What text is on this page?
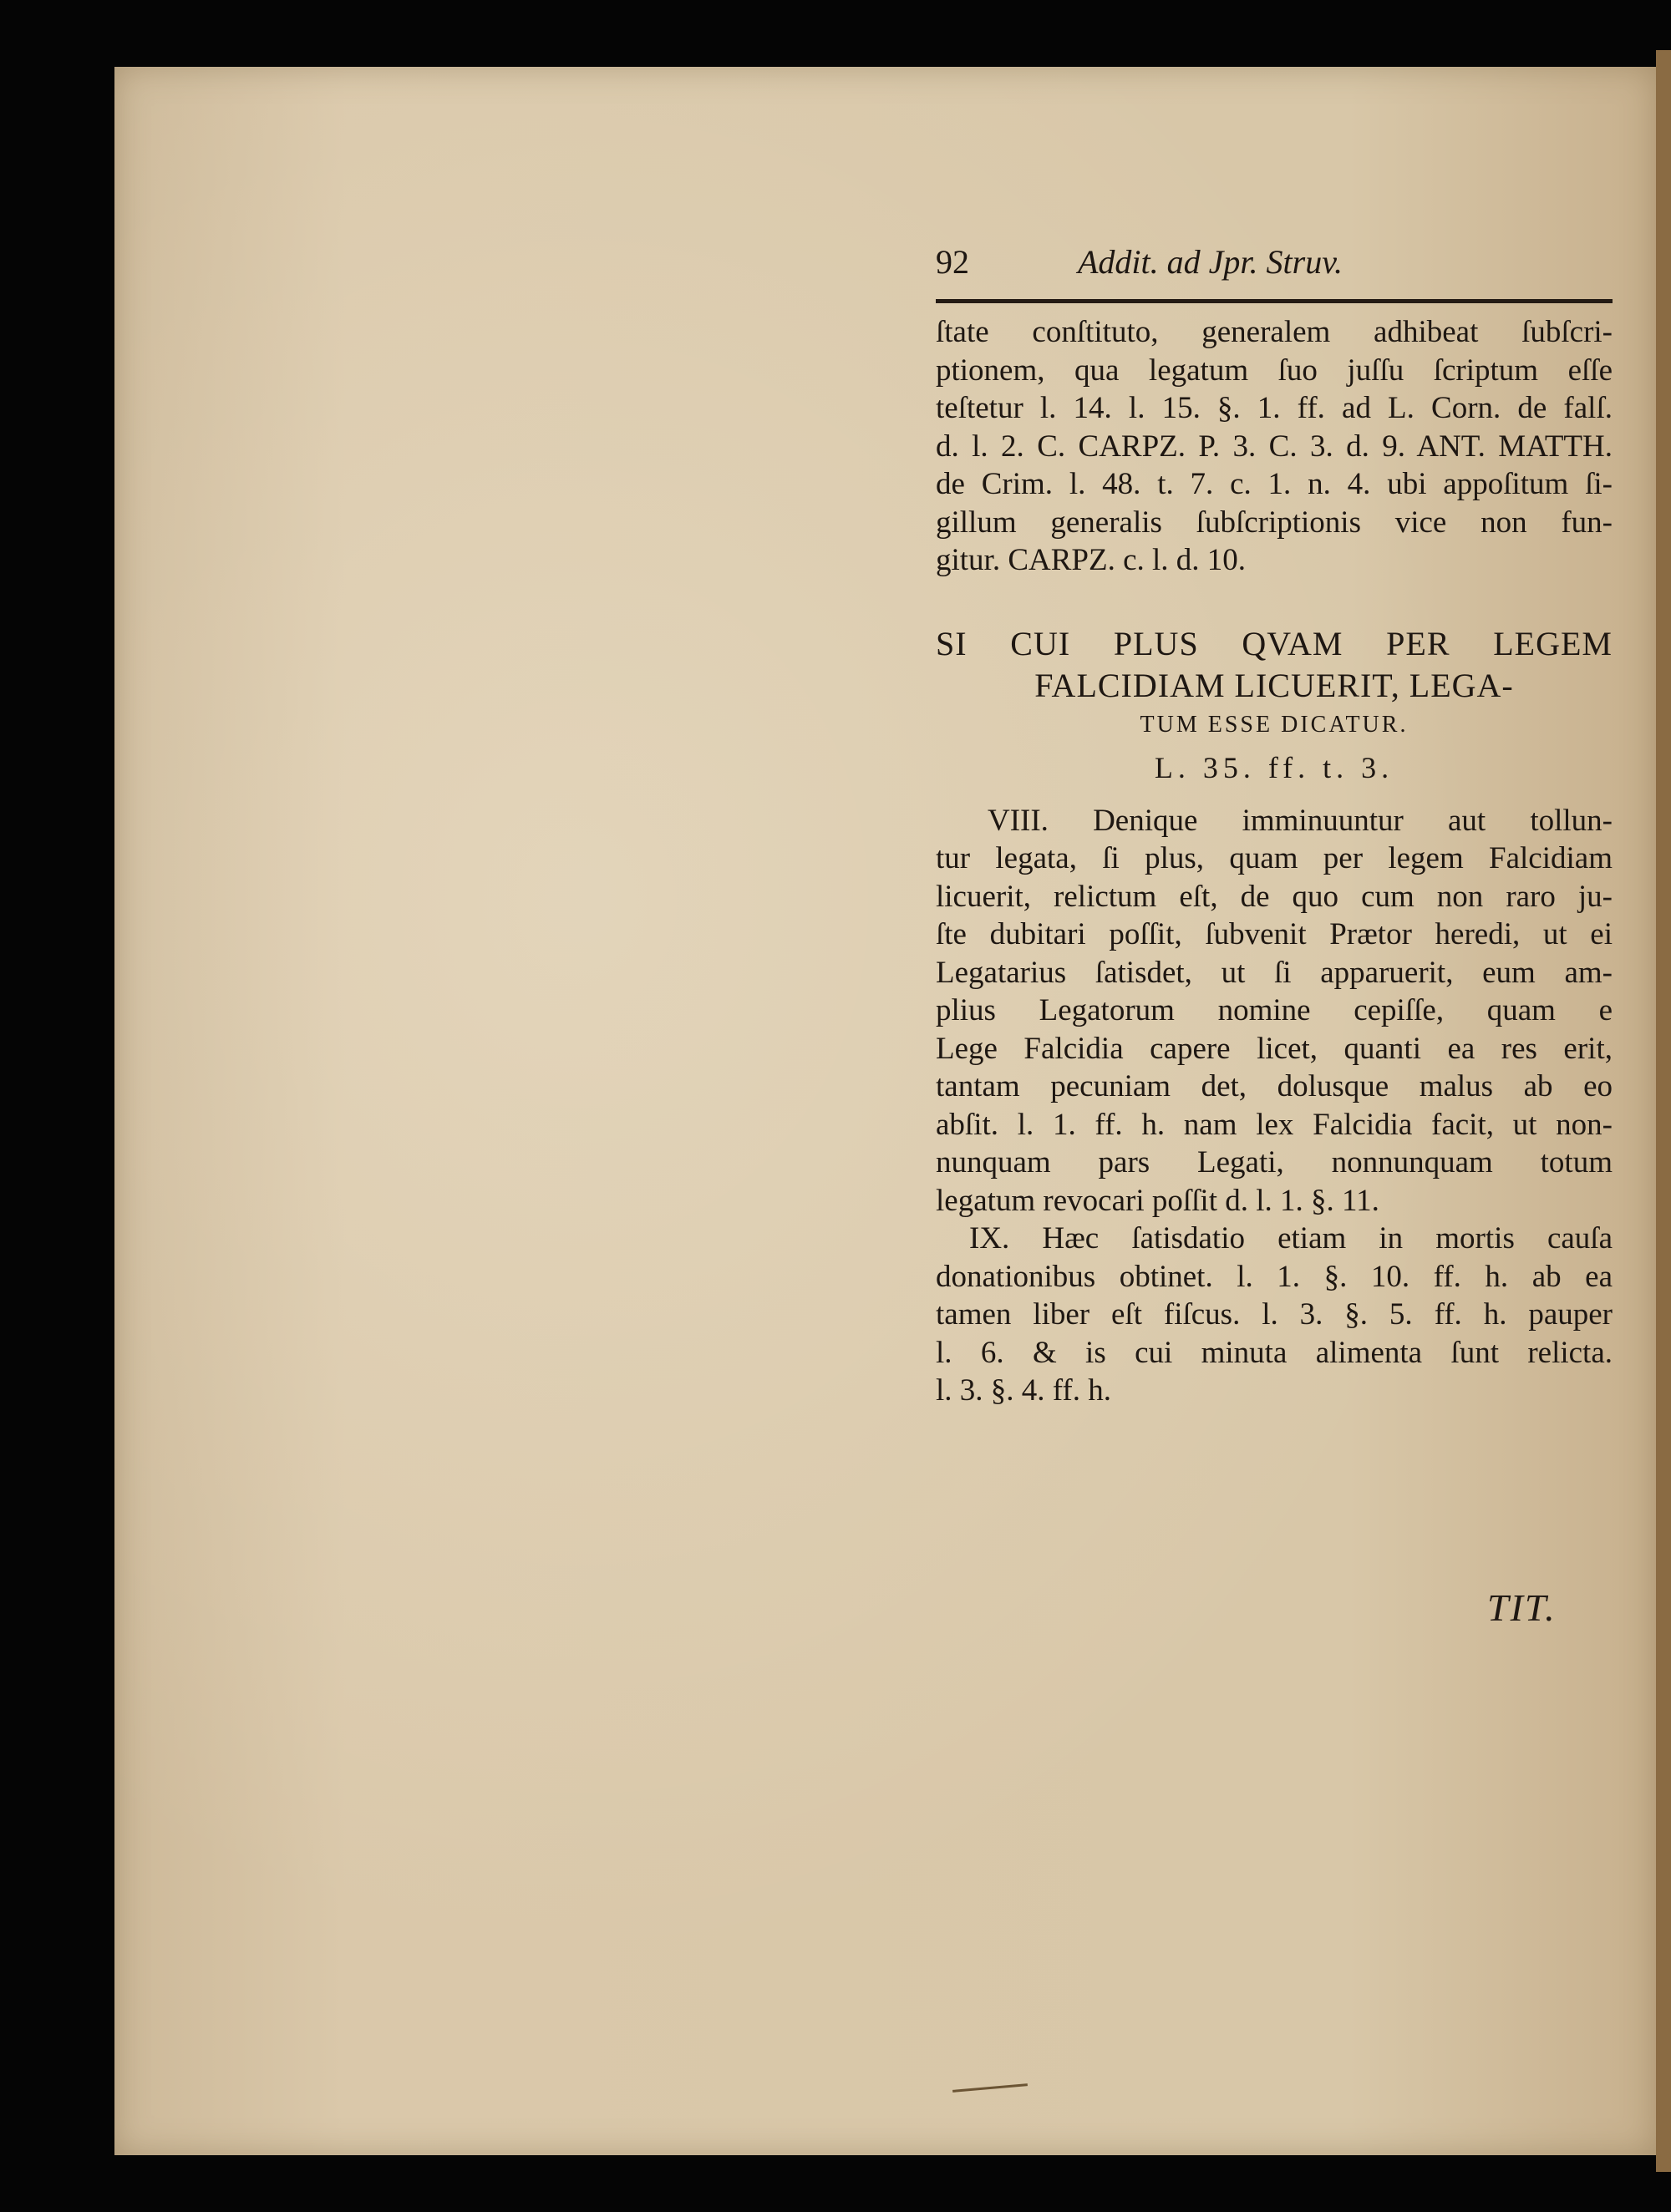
92	Addit. ad Jpr. Struv.
ſtate conſtituto, generalem adhibeat ſubſcri-
ptionem, qua legatum ſuo juſſu ſcriptum eſſe
teſtetur l. 14. l. 15. §. 1. ff. ad L. Corn. de falſ.
d. l. 2. C. CARPZ. P. 3. C. 3. d. 9. ANT. MATTH.
de Crim. l. 48. t. 7. c. 1. n. 4. ubi appoſitum ſi-
gillum generalis ſubſcriptionis vice non fun-
gitur. CARPZ. c. l. d. 10.
SI CUI PLUS QVAM PER LEGEM
FALCIDIAM LICUERIT, LEGA-
TUM ESSE DICATUR.
L. 35. ff. t. 3.
VIII. Denique imminuuntur aut tollun-
tur legata, ſi plus, quam per legem Falcidiam
licuerit, relictum eſt, de quo cum non raro ju-
ſte dubitari poſſit, ſubvenit Prætor heredi, ut ei
Legatarius ſatisdet, ut ſi apparuerit, eum am-
plius Legatorum nomine cepiſſe, quam e
Lege Falcidia capere licet, quanti ea res erit,
tantam pecuniam det, dolusque malus ab eo
abſit. l. 1. ff. h. nam lex Falcidia facit, ut non-
nunquam pars Legati, nonnunquam totum
legatum revocari poſſit d. l. 1. §. 11.
IX. Hæc ſatisdatio etiam in mortis cauſa
donationibus obtinet. l. 1. §. 10. ff. h. ab ea
tamen liber eſt fiſcus. l. 3. §. 5. ff. h. pauper
l. 6. & is cui minuta alimenta ſunt relicta.
l. 3. §. 4. ff. h.
TIT.
